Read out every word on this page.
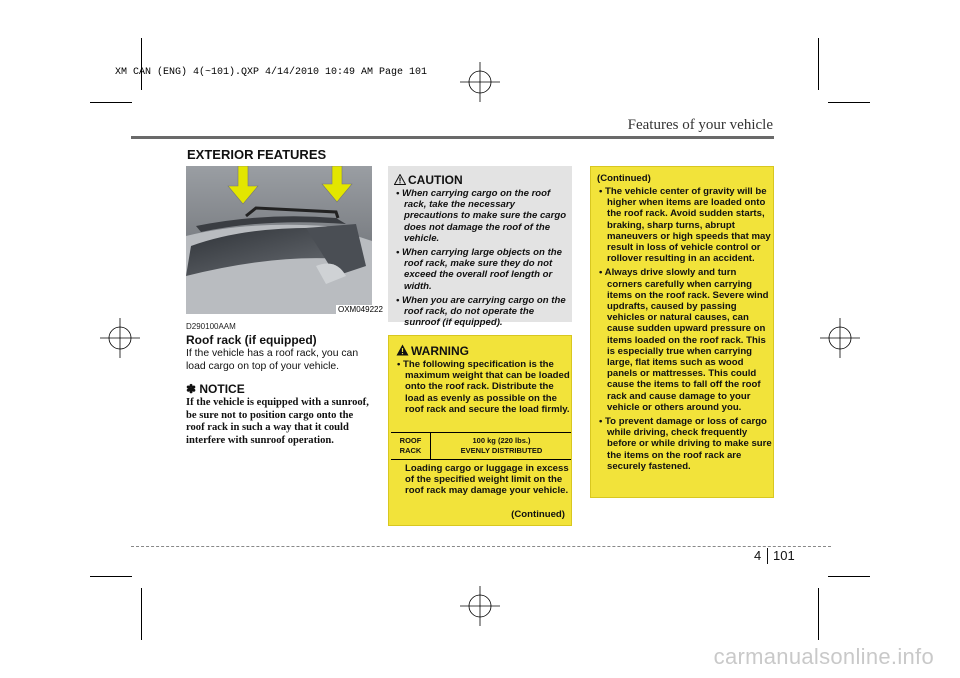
XM CAN (ENG) 4(~101).QXP 4/14/2010 10:49 AM Page 101
Features of your vehicle
EXTERIOR FEATURES
OXM049222
D290100AAM
Roof rack (if equipped)
If the vehicle has a roof rack, you can load cargo on top of your vehicle.
✽ NOTICE
If the vehicle is equipped with a sunroof, be sure not to position cargo onto the roof rack in such a way that it could interfere with sunroof operation.
CAUTION
• When carrying cargo on the roof rack, take the necessary precautions to make sure the cargo does not damage the roof of the vehicle.
• When carrying large objects on the roof rack, make sure they do not exceed the overall roof length or width.
• When you are carrying cargo on the roof rack, do not operate the sunroof (if equipped).
WARNING
• The following specification is the maximum weight that can be loaded onto the roof rack. Distribute the load as evenly as possible on the roof rack and secure the load firmly.
ROOF RACK
100 kg (220 lbs.)
EVENLY DISTRIBUTED
Loading cargo or luggage in excess of the specified weight limit on the roof rack may damage your vehicle.
(Continued)
(Continued)
• The vehicle center of gravity will be higher when items are loaded onto the roof rack. Avoid sudden starts, braking, sharp turns, abrupt maneuvers or high speeds that may result in loss of vehicle control or rollover resulting in an accident.
• Always drive slowly and turn corners carefully when carrying items on the roof rack. Severe wind updrafts, caused by passing vehicles or natural causes, can cause sudden upward pressure on items loaded on the roof rack. This is especially true when carrying large, flat items such as wood panels or mattresses. This could cause the items to fall off the roof rack and cause damage to your vehicle or others around you.
• To prevent damage or loss of cargo while driving, check frequently before or while driving to make sure the items on the roof rack are securely fastened.
4 101
carmanualsonline.info
